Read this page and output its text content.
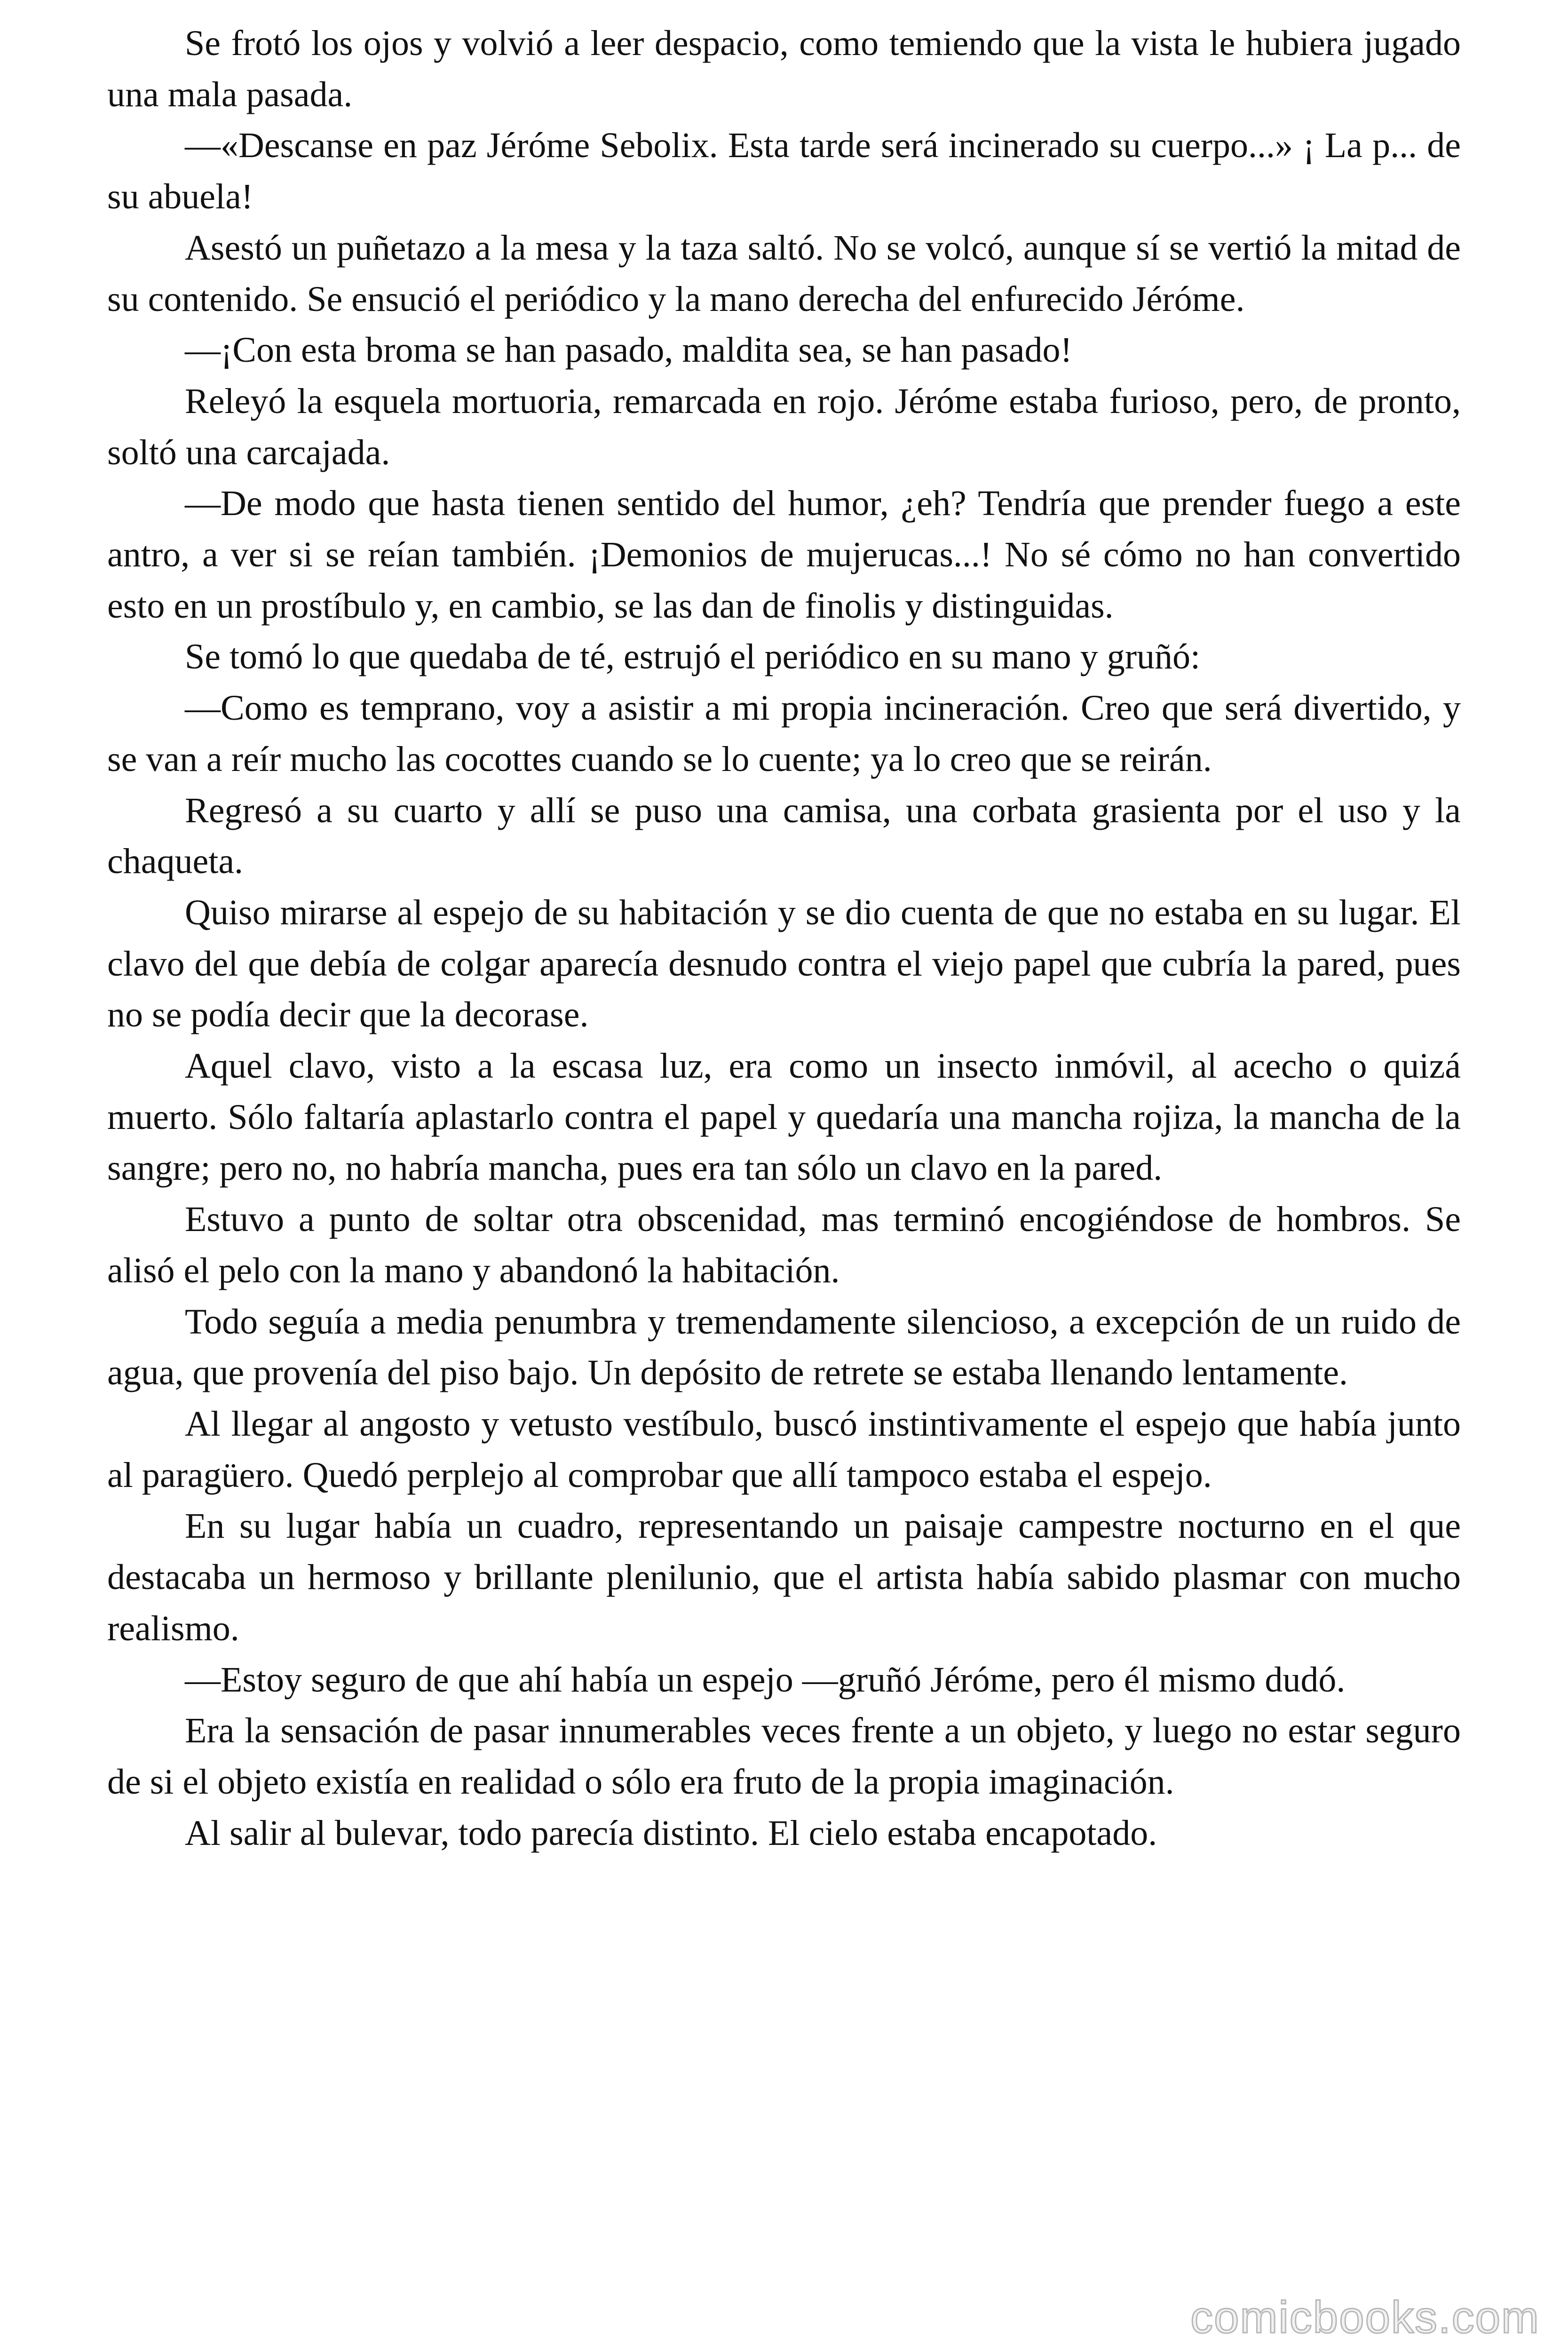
Se frotó los ojos y volvió a leer despacio, como temiendo que la vista le hubiera jugado una mala pasada.

—«Descanse en paz Jéróme Sebolix. Esta tarde será incinerado su cuerpo...» ¡ La p... de su abuela!

Asestó un puñetazo a la mesa y la taza saltó. No se volcó, aunque sí se vertió la mitad de su contenido. Se ensució el periódico y la mano derecha del enfurecido Jéróme.

—¡Con esta broma se han pasado, maldita sea, se han pasado!

Releyó la esquela mortuoria, remarcada en rojo. Jéróme estaba furioso, pero, de pronto, soltó una carcajada.

—De modo que hasta tienen sentido del humor, ¿eh? Tendría que prender fuego a este antro, a ver si se reían también. ¡Demonios de mujerucas...! No sé cómo no han convertido esto en un prostíbulo y, en cambio, se las dan de finolis y distinguidas.

Se tomó lo que quedaba de té, estrujó el periódico en su mano y gruñó:

—Como es temprano, voy a asistir a mi propia incineración. Creo que será divertido, y se van a reír mucho las cocottes cuando se lo cuente; ya lo creo que se reirán.

Regresó a su cuarto y allí se puso una camisa, una corbata grasienta por el uso y la chaqueta.

Quiso mirarse al espejo de su habitación y se dio cuenta de que no estaba en su lugar. El clavo del que debía de colgar aparecía desnudo contra el viejo papel que cubría la pared, pues no se podía decir que la decorase.

Aquel clavo, visto a la escasa luz, era como un insecto inmóvil, al acecho o quizá muerto. Sólo faltaría aplastarlo contra el papel y quedaría una mancha rojiza, la mancha de la sangre; pero no, no habría mancha, pues era tan sólo un clavo en la pared.

Estuvo a punto de soltar otra obscenidad, mas terminó encogiéndose de hombros. Se alisó el pelo con la mano y abandonó la habitación.

Todo seguía a media penumbra y tremendamente silencioso, a excepción de un ruido de agua, que provenía del piso bajo. Un depósito de retrete se estaba llenando lentamente.

Al llegar al angosto y vetusto vestíbulo, buscó instintivamente el espejo que había junto al paragüero. Quedó perplejo al comprobar que allí tampoco estaba el espejo.

En su lugar había un cuadro, representando un paisaje campestre nocturno en el que destacaba un hermoso y brillante plenilunio, que el artista había sabido plasmar con mucho realismo.

—Estoy seguro de que ahí había un espejo —gruñó Jéróme, pero él mismo dudó.

Era la sensación de pasar innumerables veces frente a un objeto, y luego no estar seguro de si el objeto existía en realidad o sólo era fruto de la propia imaginación.

Al salir al bulevar, todo parecía distinto. El cielo estaba encapotado.

comicbooks.com
